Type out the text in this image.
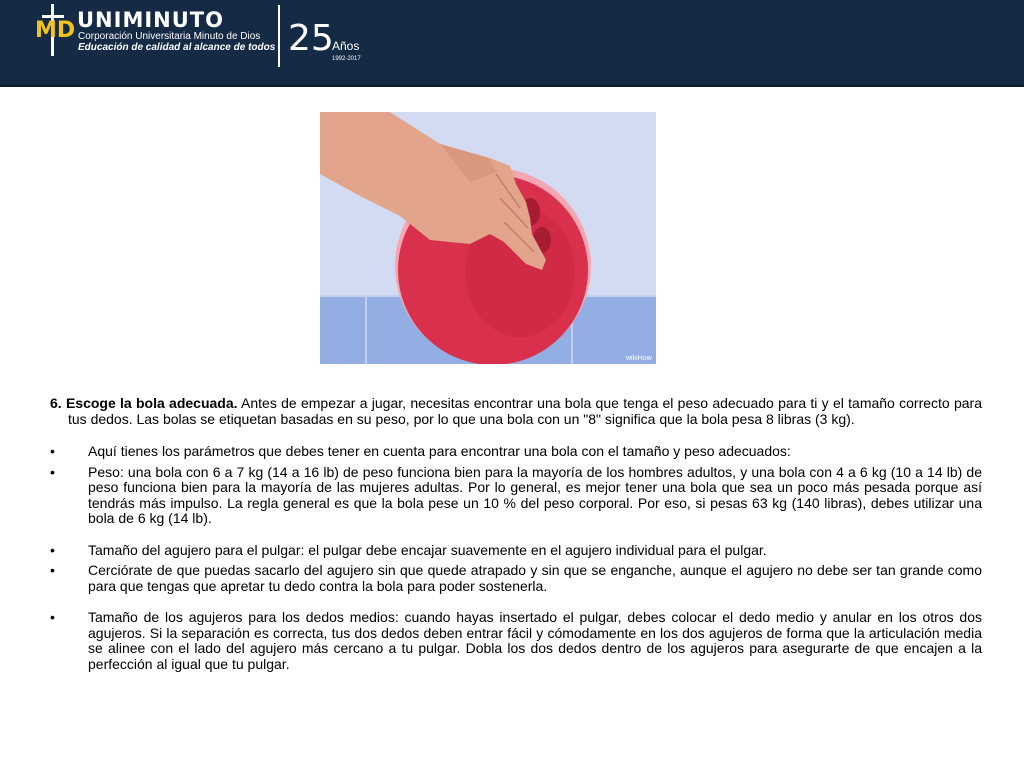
MD UNIMINUTO
Corporación Universitaria Minuto de Dios
Educación de calidad al alcance de todos 25
Años
1992-2017
wikiHow

6. Escoge la bola adecuada. Antes de empezar a jugar, necesitas encontrar una bola que tenga el peso adecuado para ti y el tamaño correcto para tus dedos. Las bolas se etiquetan basadas en su peso, por lo que una bola con un "8" significa que la bola pesa 8 libras (3 kg).

• Aquí tienes los parámetros que debes tener en cuenta para encontrar una bola con el tamaño y peso adecuados:

• Peso: una bola con 6 a 7 kg (14 a 16 lb) de peso funciona bien para la mayoría de los hombres adultos, y una bola con 4 a 6 kg (10 a 14 lb) de peso funciona bien para la mayoría de las mujeres adultas. Por lo general, es mejor tener una bola que sea un poco más pesada porque así tendrás más impulso. La regla general es que la bola pese un 10 % del peso corporal. Por eso, si pesas 63 kg (140 libras), debes utilizar una bola de 6 kg (14 lb).

• Tamaño del agujero para el pulgar: el pulgar debe encajar suavemente en el agujero individual para el pulgar.

• Cerciórate de que puedas sacarlo del agujero sin que quede atrapado y sin que se enganche, aunque el agujero no debe ser tan grande como para que tengas que apretar tu dedo contra la bola para poder sostenerla.

• Tamaño de los agujeros para los dedos medios: cuando hayas insertado el pulgar, debes colocar el dedo medio y anular en los otros dos agujeros. Si la separación es correcta, tus dos dedos deben entrar fácil y cómodamente en los dos agujeros de forma que la articulación media se alinee con el lado del agujero más cercano a tu pulgar. Dobla los dos dedos dentro de los agujeros para asegurarte de que encajen a la perfección al igual que tu pulgar.
